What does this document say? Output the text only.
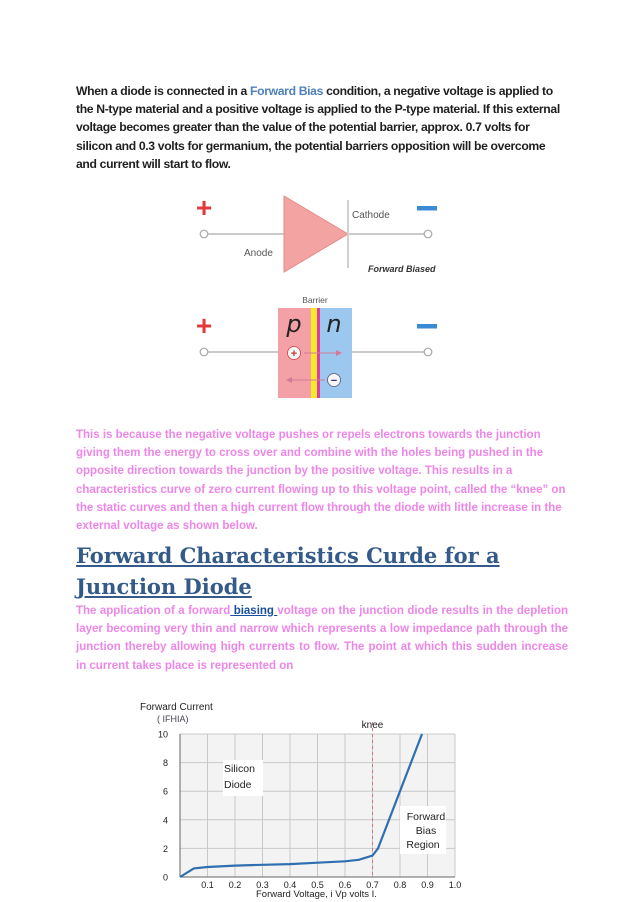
When a diode is connected in a Forward Bias condition, a negative voltage is applied to the N-type material and a positive voltage is applied to the P-type material. If this external voltage becomes greater than the value of the potential barrier, approx. 0.7 volts for silicon and 0.3 volts for germanium, the potential barriers opposition will be overcome and current will start to flow.

+	Cathode
Anode
Forward Biased
Barrier
p n
+
−
+

This is because the negative voltage pushes or repels electrons towards the junction giving them the energy to cross over and combine with the holes being pushed in the opposite direction towards the junction by the positive voltage. This results in a characteristics curve of zero current flowing up to this voltage point, called the “knee” on the static curves and then a high current flow through the diode with little increase in the external voltage as shown below.

Forward Characteristics Curde for a Junction Diode

The application of a forward biasing voltage on the junction diode results in the depletion layer becoming very thin and narrow which represents a low impedance path through the junction thereby allowing high currents to flow. The point at which this sudden increase in current takes place is represented on

Forward Current
( IFHIA)
Forward Voltage, i Vp volts I.
0.1 0.2 0.3 0.4 0.5 0.6 0.7 0.8 0.9 1.0
0
2
4
6
8
10
knee
Silicon
Diode
Forward
Bias
Region
